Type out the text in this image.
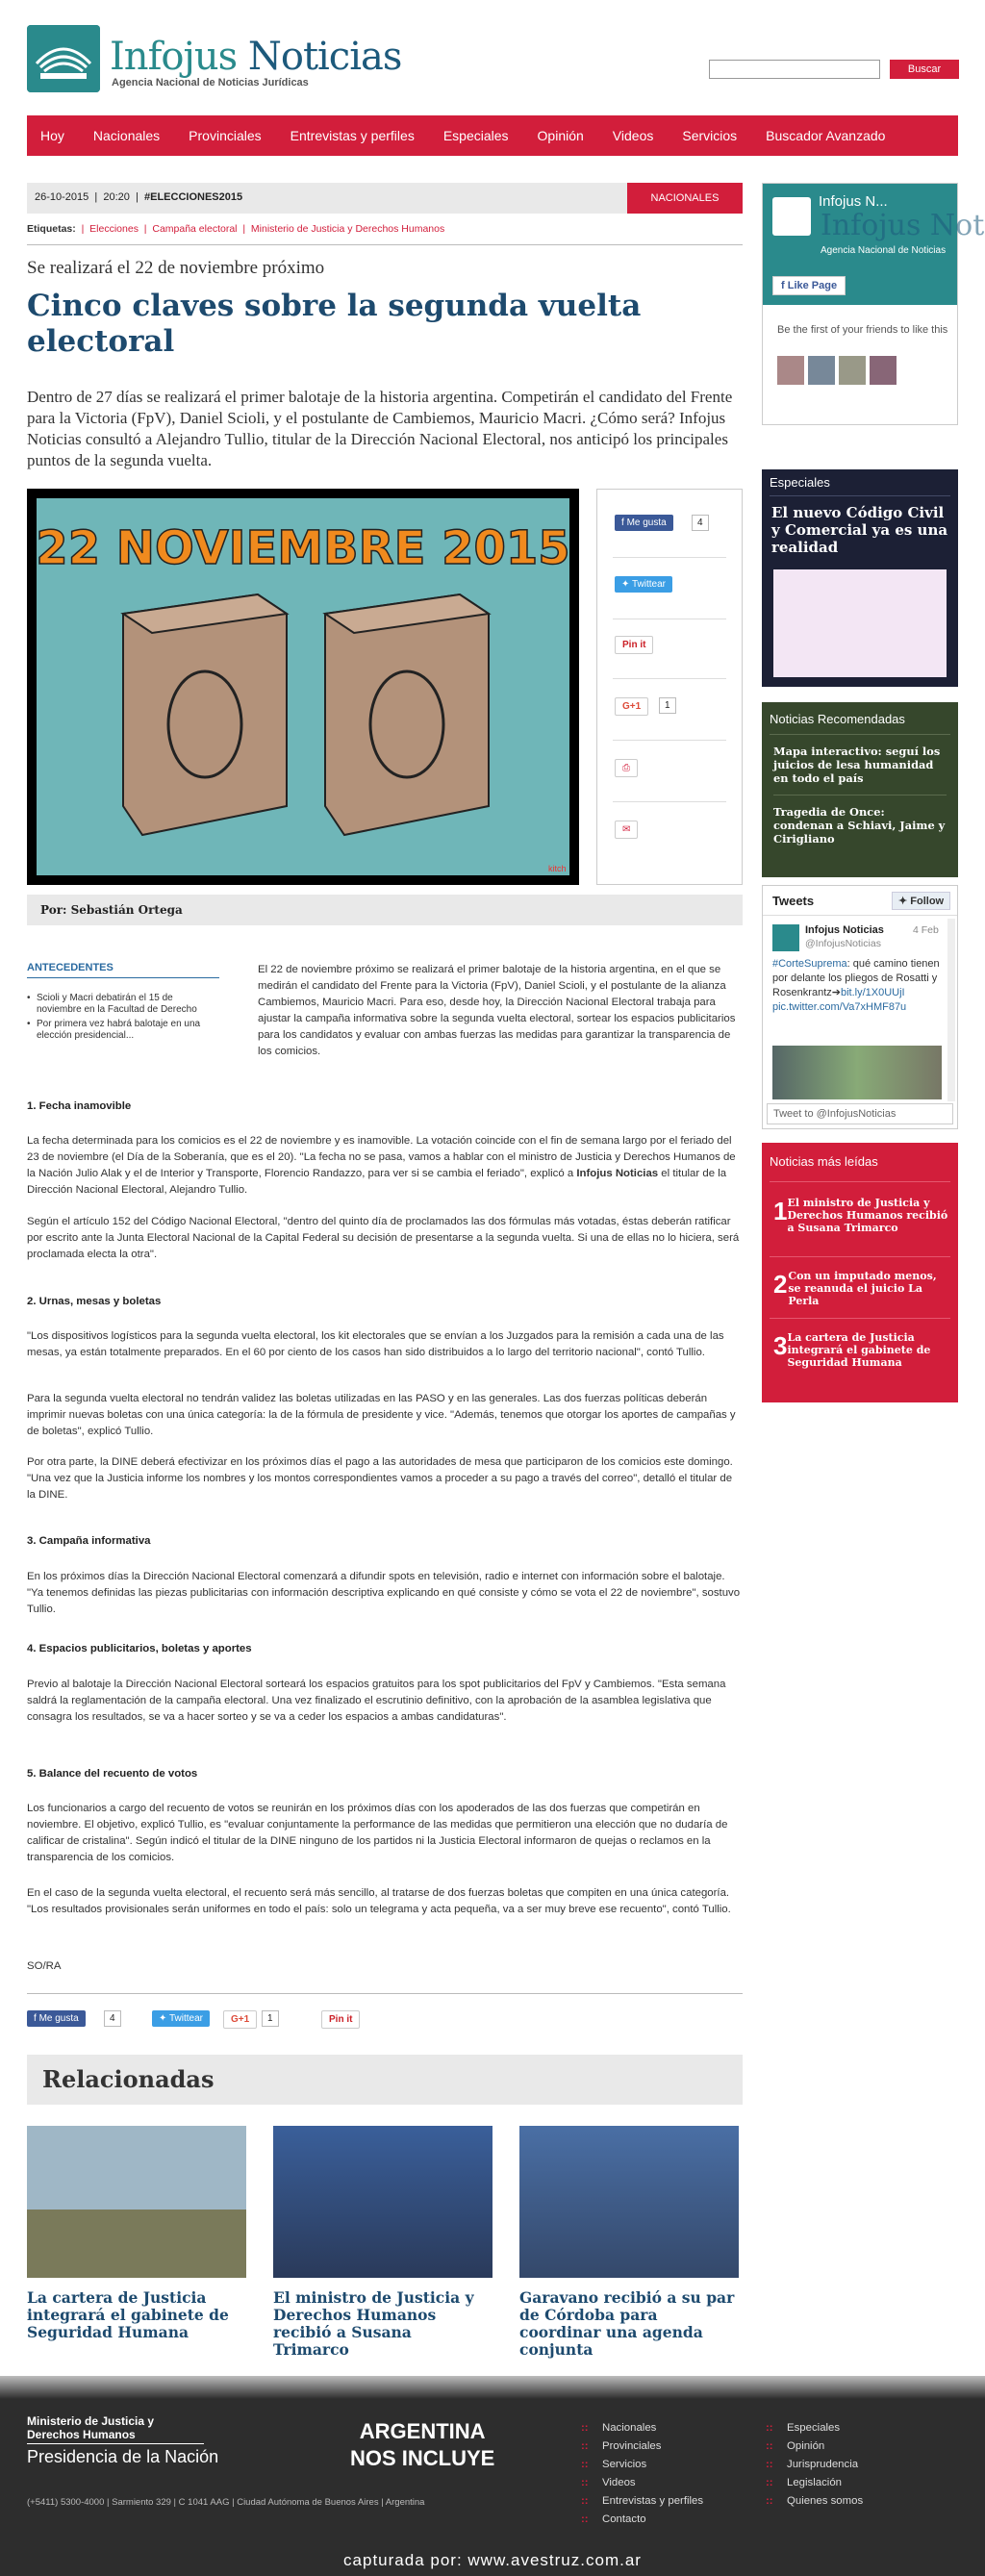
Infojus Noticias
Agencia Nacional de Noticias Jurídicas
Buscar
Hoy Nacionales Provinciales Entrevistas y perfiles Especiales Opinión Videos Servicios Buscador Avanzado
26-10-2015  |  20:20  |  #ELECCIONES2015	NACIONALES
Etiquetas:  |  Elecciones  |  Campaña electoral  |  Ministerio de Justicia y Derechos Humanos
Se realizará el 22 de noviembre próximo
Cinco claves sobre la segunda vuelta electoral
Dentro de 27 días se realizará el primer balotaje de la historia argentina. Competirán el candidato del Frente para la Victoria (FpV), Daniel Scioli, y el postulante de Cambiemos, Mauricio Macri. ¿Cómo será? Infojus Noticias consultó a Alejandro Tullio, titular de la Dirección Nacional Electoral, nos anticipó los principales puntos de la segunda vuelta.
22 NOVIEMBRE 2015
kitch
f Me gusta	4
✦ Twittear
Pin it
G+1	1
⎙
✉
Por: Sebastián Ortega
ANTECEDENTES
• Scioli y Macri debatirán el 15 de noviembre en la Facultad de Derecho
• Por primera vez habrá balotaje en una elección presidencial...
El 22 de noviembre próximo se realizará el primer balotaje de la historia argentina, en el que se medirán el candidato del Frente para la Victoria (FpV), Daniel Scioli, y el postulante de la alianza Cambiemos, Mauricio Macri. Para eso, desde hoy, la Dirección Nacional Electoral trabaja para ajustar la campaña informativa sobre la segunda vuelta electoral, sortear los espacios publicitarios para los candidatos y evaluar con ambas fuerzas las medidas para garantizar la transparencia de los comicios.
1. Fecha inamovible
La fecha determinada para los comicios es el 22 de noviembre y es inamovible. La votación coincide con el fin de semana largo por el feriado del 23 de noviembre (el Día de la Soberanía, que es el 20). "La fecha no se pasa, vamos a hablar con el ministro de Justicia y Derechos Humanos de la Nación Julio Alak y el de Interior y Transporte, Florencio Randazzo, para ver si se cambia el feriado", explicó a Infojus Noticias el titular de la Dirección Nacional Electoral, Alejandro Tullio.
Según el artículo 152 del Código Nacional Electoral, "dentro del quinto día de proclamados las dos fórmulas más votadas, éstas deberán ratificar por escrito ante la Junta Electoral Nacional de la Capital Federal su decisión de presentarse a la segunda vuelta. Si una de ellas no lo hiciera, será proclamada electa la otra".
2. Urnas, mesas y boletas
"Los dispositivos logísticos para la segunda vuelta electoral, los kit electorales que se envían a los Juzgados para la remisión a cada una de las mesas, ya están totalmente preparados. En el 60 por ciento de los casos han sido distribuidos a lo largo del territorio nacional", contó Tullio.
Para la segunda vuelta electoral no tendrán validez las boletas utilizadas en las PASO y en las generales. Las dos fuerzas políticas deberán imprimir nuevas boletas con una única categoría: la de la fórmula de presidente y vice. "Además, tenemos que otorgar los aportes de campañas y de boletas", explicó Tullio.
Por otra parte, la DINE deberá efectivizar en los próximos días el pago a las autoridades de mesa que participaron de los comicios este domingo. "Una vez que la Justicia informe los nombres y los montos correspondientes vamos a proceder a su pago a través del correo", detalló el titular de la DINE.
3. Campaña informativa
En los próximos días la Dirección Nacional Electoral comenzará a difundir spots en televisión, radio e internet con información sobre el balotaje. "Ya tenemos definidas las piezas publicitarias con información descriptiva explicando en qué consiste y cómo se vota el 22 de noviembre", sostuvo Tullio.
4. Espacios publicitarios, boletas y aportes
Previo al balotaje la Dirección Nacional Electoral sorteará los espacios gratuitos para los spot publicitarios del FpV y Cambiemos. "Esta semana saldrá la reglamentación de la campaña electoral. Una vez finalizado el escrutinio definitivo, con la aprobación de la asamblea legislativa que consagra los resultados, se va a hacer sorteo y se va a ceder los espacios a ambas candidaturas".
5. Balance del recuento de votos
Los funcionarios a cargo del recuento de votos se reunirán en los próximos días con los apoderados de las dos fuerzas que competirán en noviembre. El objetivo, explicó Tullio, es "evaluar conjuntamente la performance de las medidas que permitieron una elección que no dudaría de calificar de cristalina". Según indicó el titular de la DINE ninguno de los partidos ni la Justicia Electoral informaron de quejas o reclamos en la transparencia de los comicios.
En el caso de la segunda vuelta electoral, el recuento será más sencillo, al tratarse de dos fuerzas boletas que compiten en una única categoría. "Los resultados provisionales serán uniformes en todo el país: solo un telegrama y acta pequeña, va a ser muy breve ese recuento", contó Tullio.
SO/RA
f Me gusta	4	✦ Twittear	G+1	1	Pin it
Relacionadas
La cartera de Justicia integrará el gabinete de Seguridad Humana
El ministro de Justicia y Derechos Humanos recibió a Susana Trimarco
Garavano recibió a su par de Córdoba para coordinar una agenda conjunta
Infojus N...
Infojus Not
Agencia Nacional de Noticias
f Like Page
Be the first of your friends to like this
Especiales
El nuevo Código Civil y Comercial ya es una realidad
Noticias Recomendadas
Mapa interactivo: seguí los juicios de lesa humanidad en todo el país
Tragedia de Once: condenan a Schiavi, Jaime y Cirigliano
Tweets	✦ Follow
Infojus Noticias
@InfojusNoticias
4 Feb
#CorteSuprema: qué camino tienen por delante los pliegos de Rosatti y Rosenkrantz➔bit.ly/1X0UUjI pic.twitter.com/Va7xHMF87u
Tweet to @InfojusNoticias
Noticias más leídas
1 El ministro de Justicia y Derechos Humanos recibió a Susana Trimarco
2 Con un imputado menos, se reanuda el juicio La Perla
3 La cartera de Justicia integrará el gabinete de Seguridad Humana
Ministerio de Justicia y Derechos Humanos
Presidencia de la Nación
(+5411) 5300-4000 | Sarmiento 329 | C 1041 AAG | Ciudad Autónoma de Buenos Aires | Argentina
ARGENTINA
NOS INCLUYE
:: Nacionales
:: Provinciales
:: Servicios
:: Videos
:: Entrevistas y perfiles
:: Contacto
:: Especiales
:: Opinión
:: Jurisprudencia
:: Legislación
:: Quienes somos
capturada por: www.avestruz.com.ar
